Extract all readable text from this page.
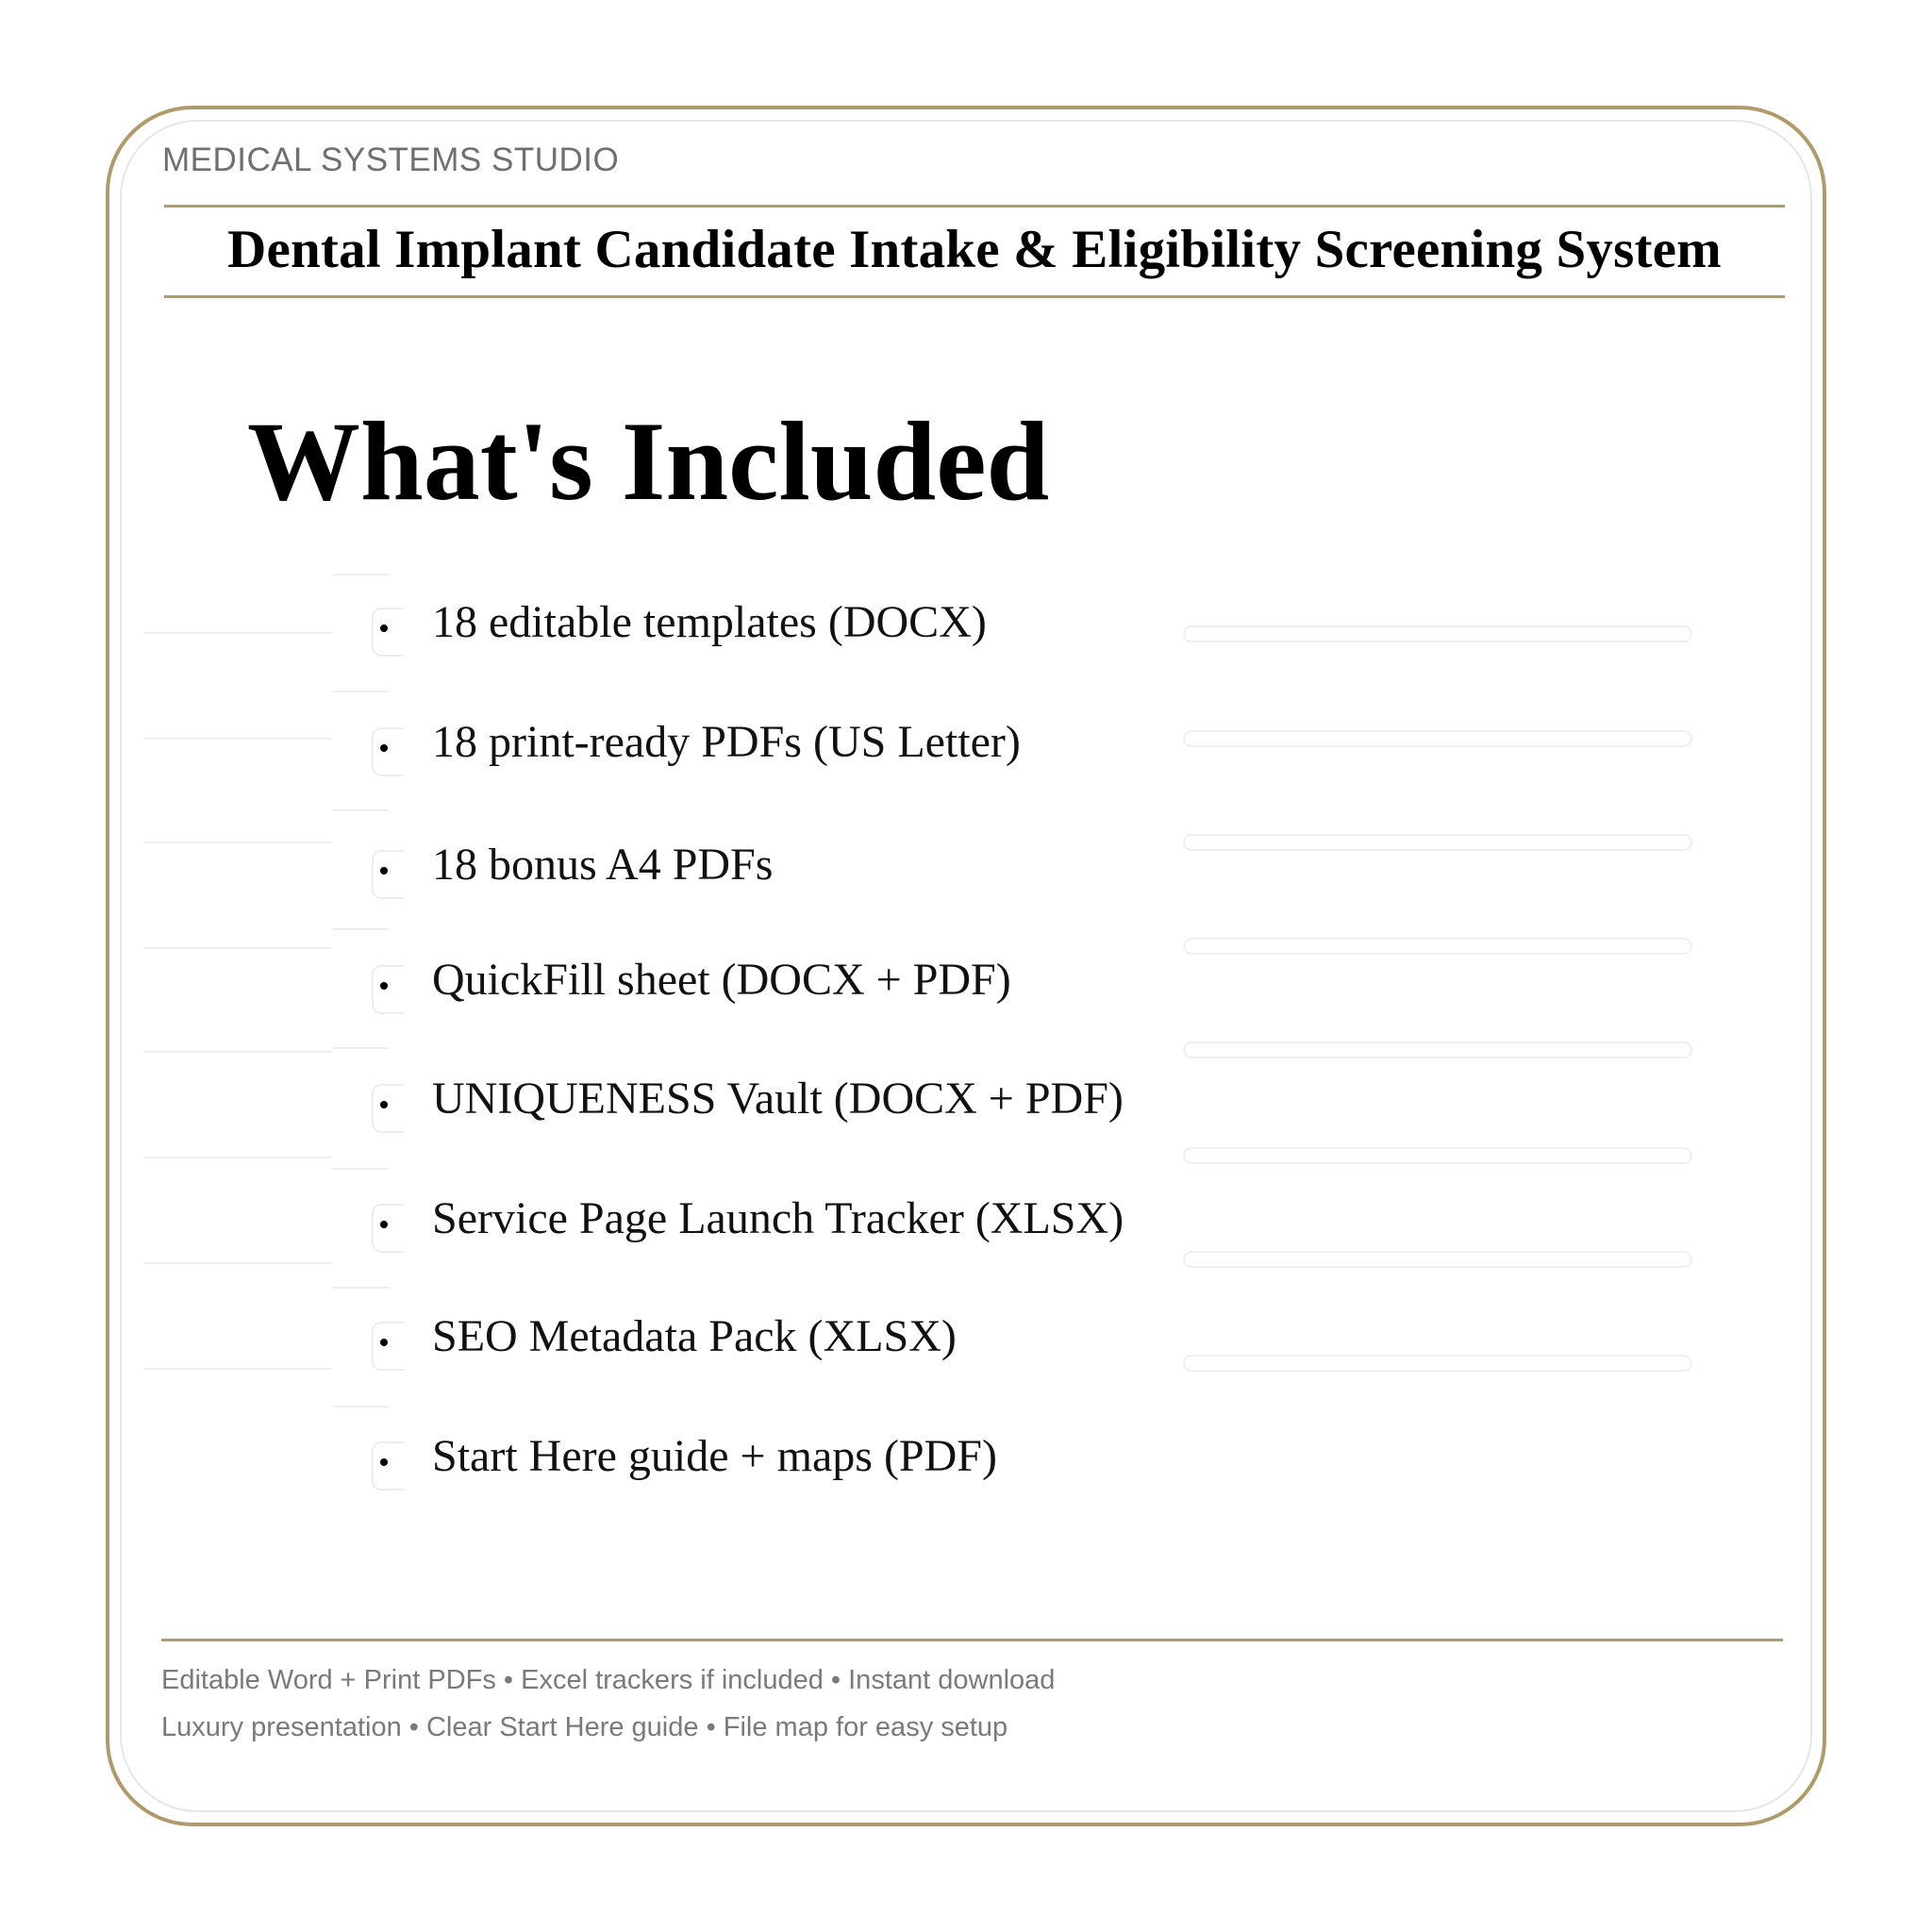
MEDICAL SYSTEMS STUDIO
Dental Implant Candidate Intake & Eligibility Screening System
What's Included
18 editable templates (DOCX)
18 print-ready PDFs (US Letter)
18 bonus A4 PDFs
QuickFill sheet (DOCX + PDF)
UNIQUENESS Vault (DOCX + PDF)
Service Page Launch Tracker (XLSX)
SEO Metadata Pack (XLSX)
Start Here guide + maps (PDF)
Editable Word + Print PDFs • Excel trackers if included • Instant download
Luxury presentation • Clear Start Here guide • File map for easy setup
